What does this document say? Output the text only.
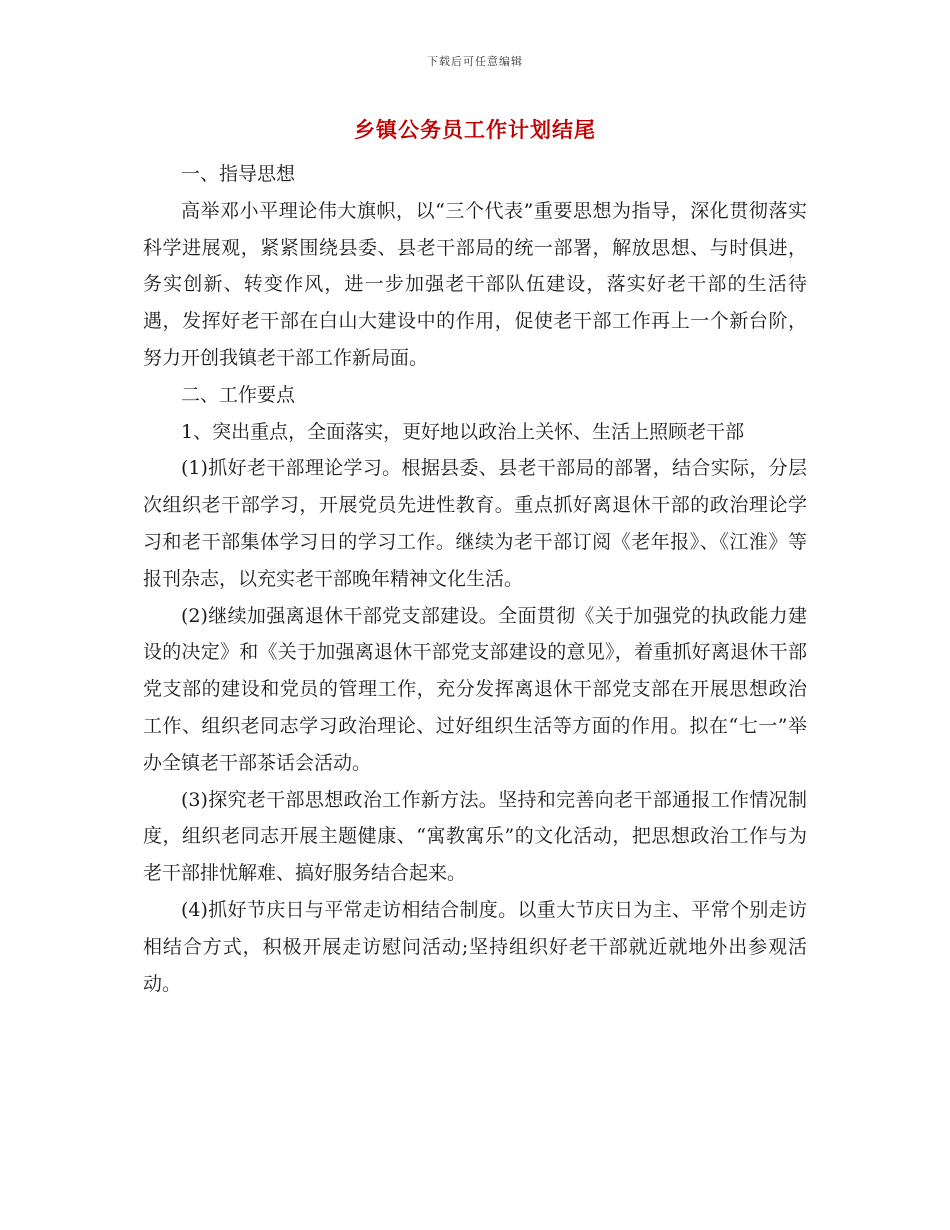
下载后可任意编辑
乡镇公务员工作计划结尾

一、指导思想

高举邓小平理论伟大旗帜，以“三个代表”重要思想为指导，深化贯彻落实科学进展观，紧紧围绕县委、县老干部局的统一部署，解放思想、与时俱进，务实创新、转变作风，进一步加强老干部队伍建设，落实好老干部的生活待遇，发挥好老干部在白山大建设中的作用，促使老干部工作再上一个新台阶，努力开创我镇老干部工作新局面。

二、工作要点

1、突出重点，全面落实，更好地以政治上关怀、生活上照顾老干部

(1)抓好老干部理论学习。根据县委、县老干部局的部署，结合实际，分层次组织老干部学习，开展党员先进性教育。重点抓好离退休干部的政治理论学习和老干部集体学习日的学习工作。继续为老干部订阅《老年报》、《江淮》等报刊杂志，以充实老干部晚年精神文化生活。

(2)继续加强离退休干部党支部建设。全面贯彻《关于加强党的执政能力建设的决定》和《关于加强离退休干部党支部建设的意见》，着重抓好离退休干部党支部的建设和党员的管理工作，充分发挥离退休干部党支部在开展思想政治工作、组织老同志学习政治理论、过好组织生活等方面的作用。拟在“七一”举办全镇老干部茶话会活动。

(3)探究老干部思想政治工作新方法。坚持和完善向老干部通报工作情况制度，组织老同志开展主题健康、“寓教寓乐”的文化活动，把思想政治工作与为老干部排忧解难、搞好服务结合起来。

(4)抓好节庆日与平常走访相结合制度。以重大节庆日为主、平常个别走访相结合方式，积极开展走访慰问活动;坚持组织好老干部就近就地外出参观活动。
